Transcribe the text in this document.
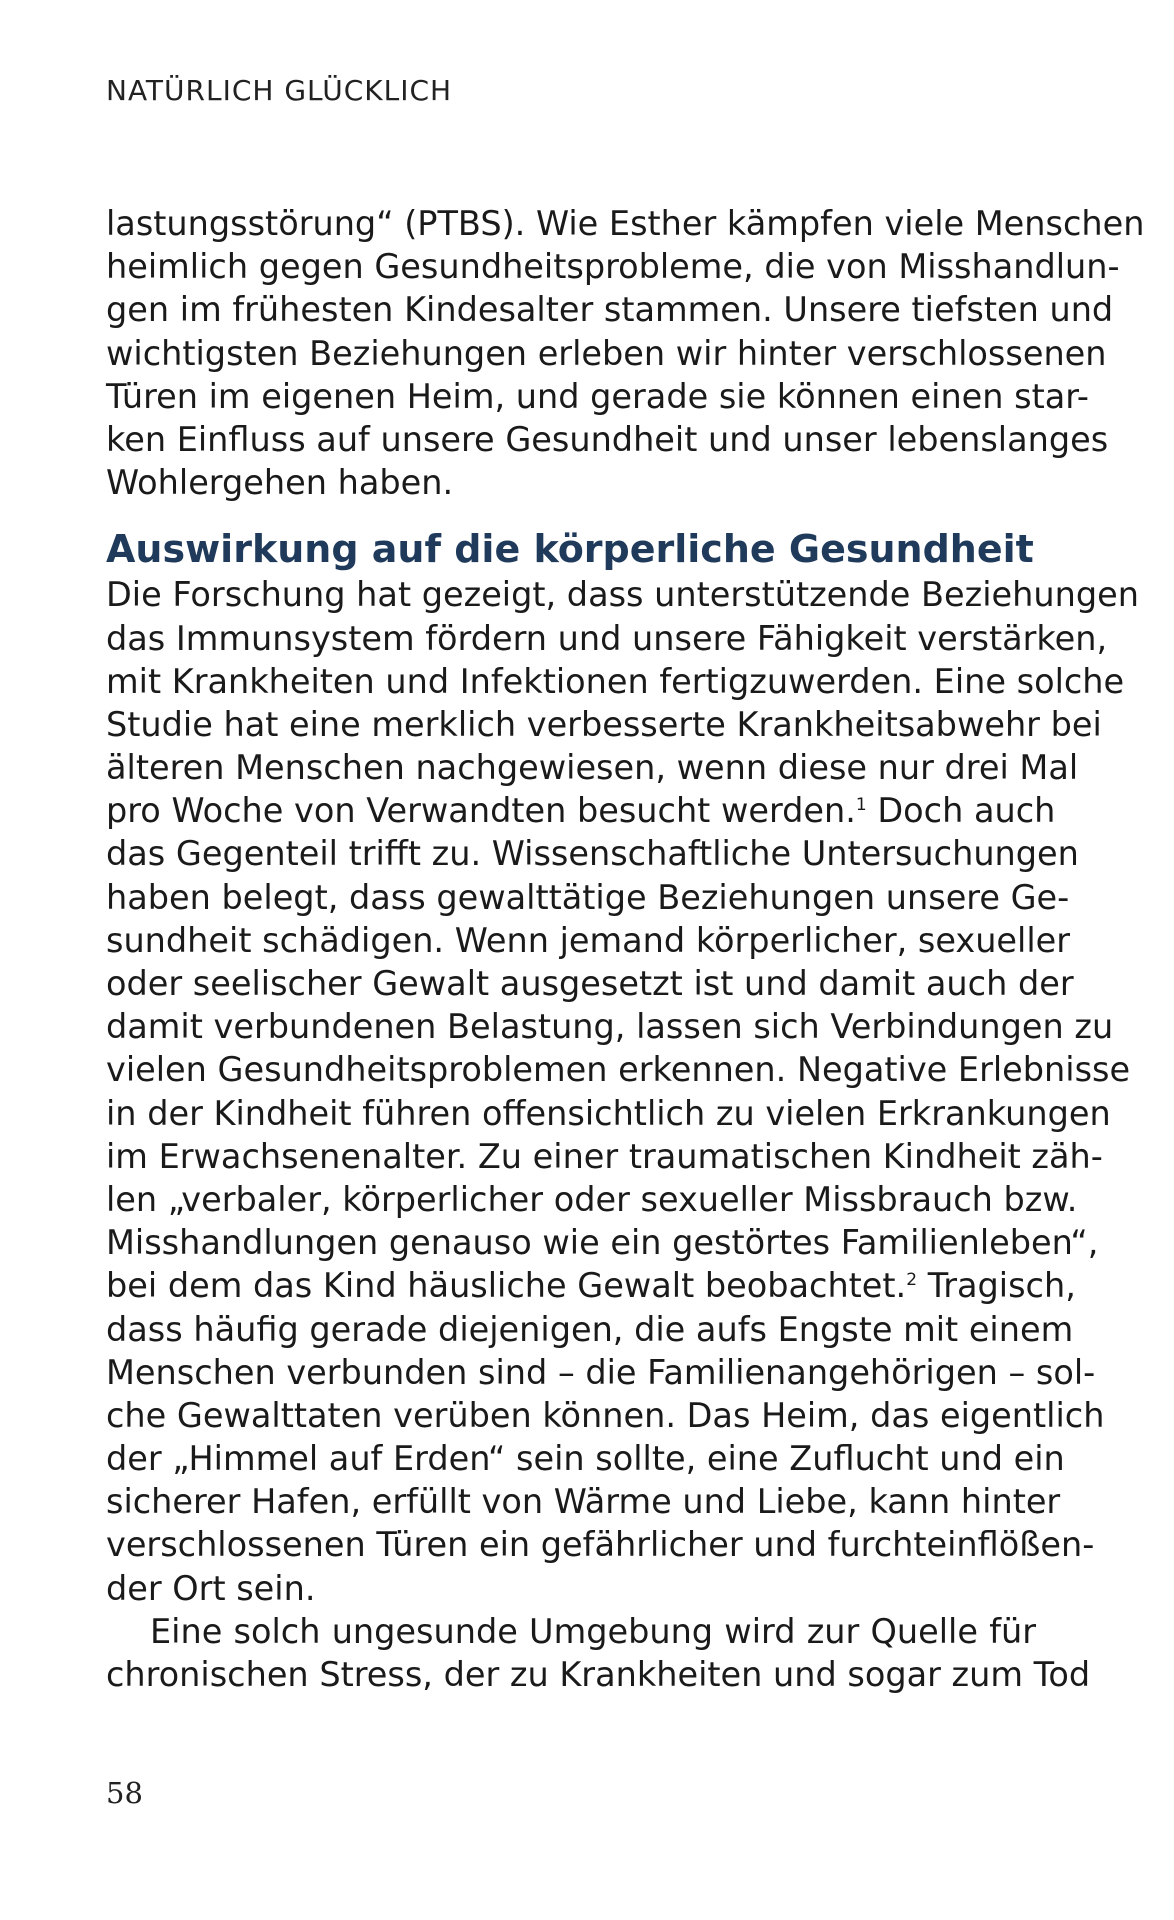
NATÜRLICH GLÜCKLICH
lastungsstörung“ (PTBS). Wie Esther kämpfen viele Menschen
heimlich gegen Gesundheitsprobleme, die von Misshandlun-
gen im frühesten Kindesalter stammen. Unsere tiefsten und
wichtigsten Beziehungen erleben wir hinter verschlossenen
Türen im eigenen Heim, und gerade sie können einen star-
ken Einfluss auf unsere Gesundheit und unser lebenslanges
Wohlergehen haben.
Auswirkung auf die körperliche Gesundheit
Die Forschung hat gezeigt, dass unterstützende Beziehungen
das Immunsystem fördern und unsere Fähigkeit verstärken,
mit Krankheiten und Infektionen fertigzuwerden. Eine solche
Studie hat eine merklich verbesserte Krankheitsabwehr bei
älteren Menschen nachgewiesen, wenn diese nur drei Mal
pro Woche von Verwandten besucht werden.$^1$ Doch auch
das Gegenteil trifft zu. Wissenschaftliche Untersuchungen
haben belegt, dass gewalttätige Beziehungen unsere Ge-
sundheit schädigen. Wenn jemand körperlicher, sexueller
oder seelischer Gewalt ausgesetzt ist und damit auch der
damit verbundenen Belastung, lassen sich Verbindungen zu
vielen Gesundheitsproblemen erkennen. Negative Erlebnisse
in der Kindheit führen offensichtlich zu vielen Erkrankungen
im Erwachsenenalter. Zu einer traumatischen Kindheit zäh-
len „verbaler, körperlicher oder sexueller Missbrauch bzw.
Misshandlungen genauso wie ein gestörtes Familienleben“,
bei dem das Kind häusliche Gewalt beobachtet.$^2$ Tragisch,
dass häufig gerade diejenigen, die aufs Engste mit einem
Menschen verbunden sind – die Familienangehörigen – sol-
che Gewalttaten verüben können. Das Heim, das eigentlich
der „Himmel auf Erden“ sein sollte, eine Zuflucht und ein
sicherer Hafen, erfüllt von Wärme und Liebe, kann hinter
verschlossenen Türen ein gefährlicher und furchteinflößen-
der Ort sein.
Eine solch ungesunde Umgebung wird zur Quelle für
chronischen Stress, der zu Krankheiten und sogar zum Tod
58
